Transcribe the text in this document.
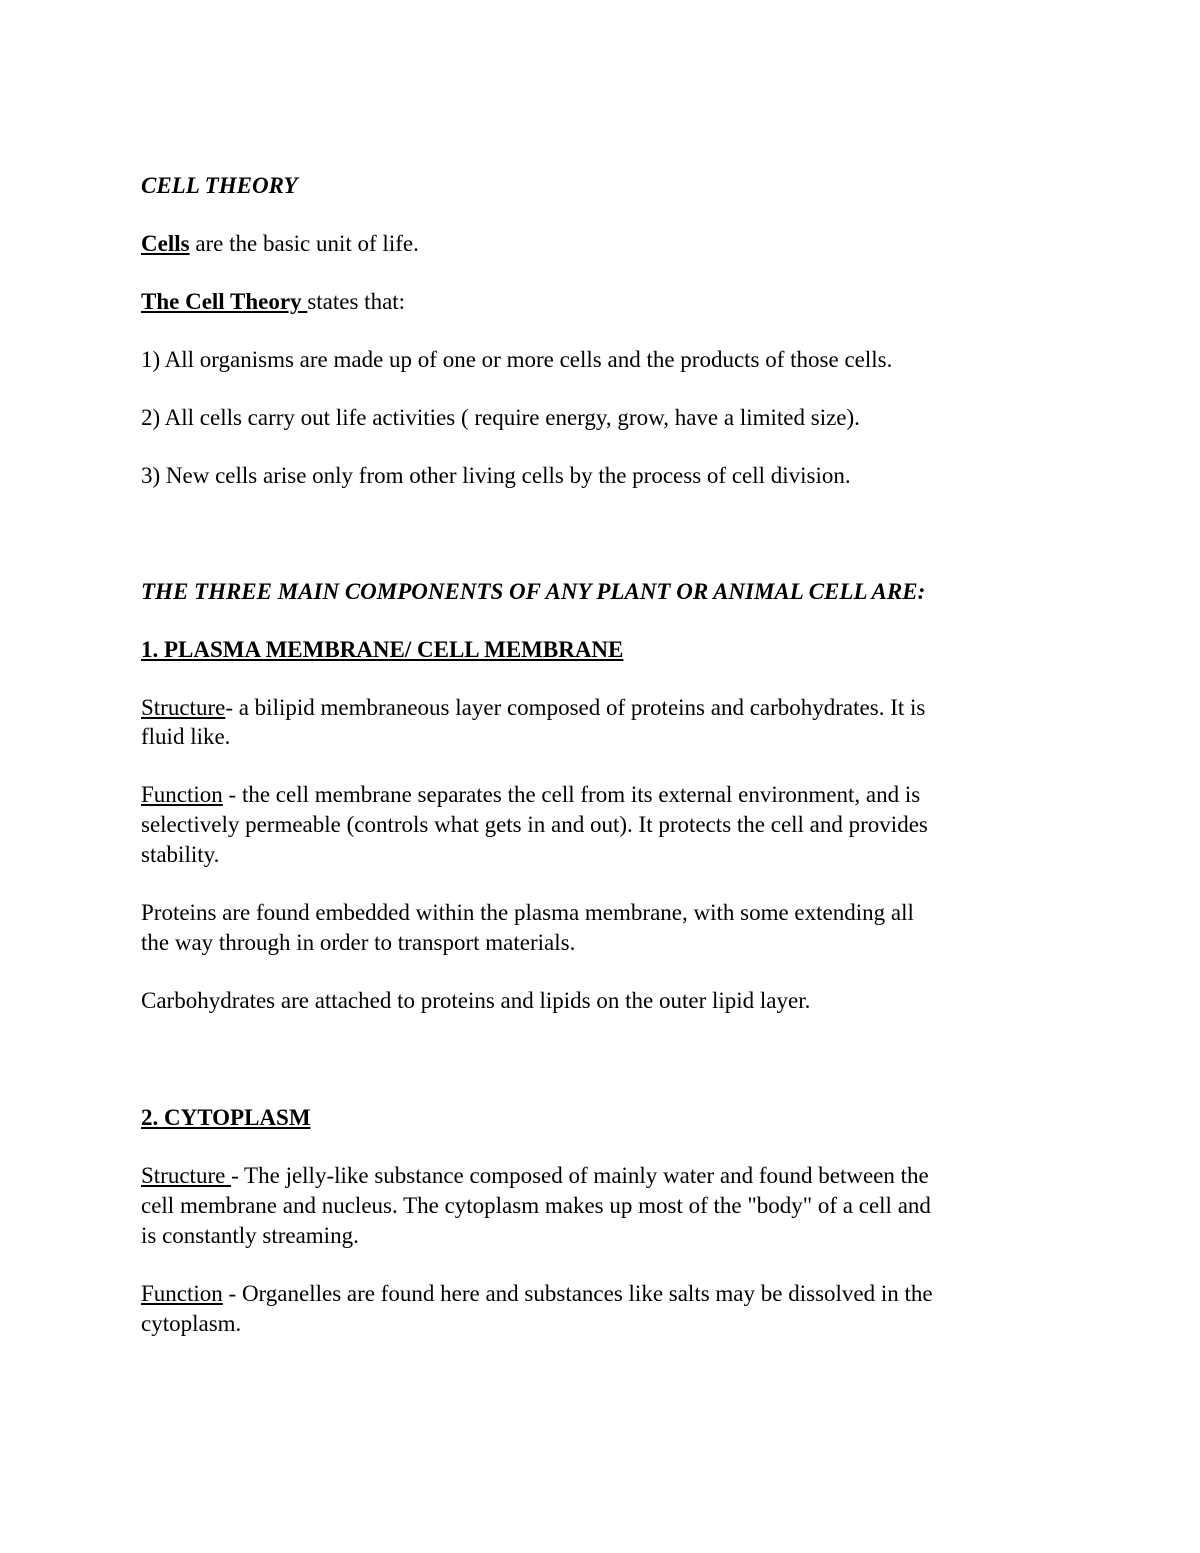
CELL THEORY
Cells are the basic unit of life.
The Cell Theory states that:
1) All organisms are made up of one or more cells and the products of those cells.
2) All cells carry out life activities ( require energy, grow, have a limited size).
3) New cells arise only from other living cells by the process of cell division.
THE THREE MAIN COMPONENTS OF ANY PLANT OR ANIMAL CELL ARE:
1. PLASMA MEMBRANE/ CELL MEMBRANE
Structure- a bilipid membraneous layer composed of proteins and carbohydrates. It is
fluid like.
Function - the cell membrane separates the cell from its external environment, and is
selectively permeable (controls what gets in and out). It protects the cell and provides
stability.
Proteins are found embedded within the plasma membrane, with some extending all
the way through in order to transport materials.
Carbohydrates are attached to proteins and lipids on the outer lipid layer.
2. CYTOPLASM
Structure - The jelly-like substance composed of mainly water and found between the
cell membrane and nucleus. The cytoplasm makes up most of the "body" of a cell and
is constantly streaming.
Function - Organelles are found here and substances like salts may be dissolved in the
cytoplasm.
